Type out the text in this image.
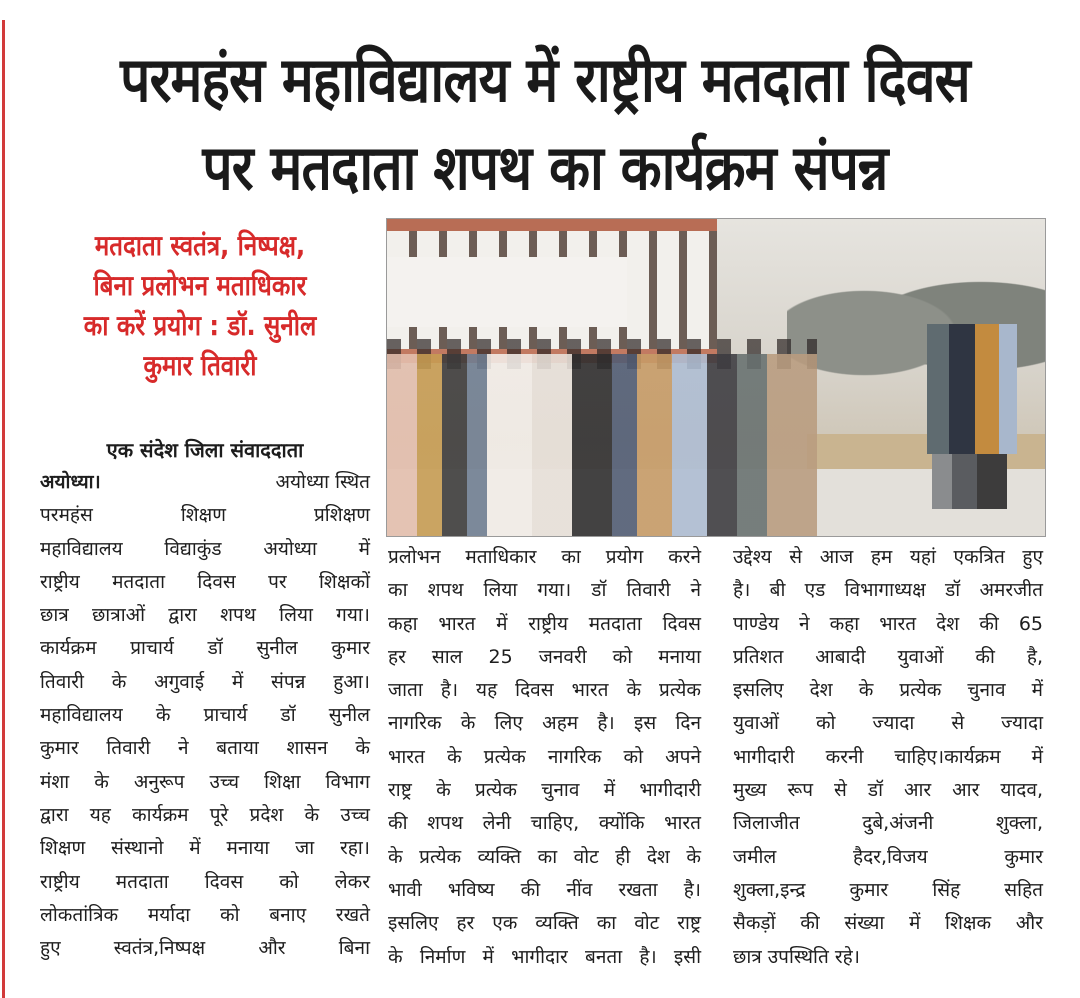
परमहंस महाविद्यालय में राष्ट्रीय मतदाता दिवस
पर मतदाता शपथ का कार्यक्रम संपन्न
मतदाता स्वतंत्र, निष्पक्ष,
बिना प्रलोभन मताधिकार
का करें प्रयोग : डॉ. सुनील
कुमार तिवारी
एक संदेश जिला संवाददाता

अयोध्या।	अयोध्या स्थित

परमहंस शिक्षण प्रशिक्षण

महाविद्यालय विद्याकुंड अयोध्या में

राष्ट्रीय मतदाता दिवस पर शिक्षकों

छात्र छात्राओं द्वारा शपथ लिया गया।

कार्यक्रम प्राचार्य डॉ सुनील कुमार

तिवारी के अगुवाई में संपन्न हुआ।

महाविद्यालय के प्राचार्य डॉ सुनील

कुमार तिवारी ने बताया शासन के

मंशा के अनुरूप उच्च शिक्षा विभाग

द्वारा यह कार्यक्रम पूरे प्रदेश के उच्च

शिक्षण संस्थानो में मनाया जा रहा।

राष्ट्रीय मतदाता दिवस को लेकर

लोकतांत्रिक मर्यादा को बनाए रखते

हुए स्वतंत्र,निष्पक्ष और बिना

प्रलोभन मताधिकार का प्रयोग करने

का शपथ लिया गया। डॉ तिवारी ने

कहा भारत में राष्ट्रीय मतदाता दिवस

हर साल 25 जनवरी को मनाया

जाता है। यह दिवस भारत के प्रत्येक

नागरिक के लिए अहम है। इस दिन

भारत के प्रत्येक नागरिक को अपने

राष्ट्र के प्रत्येक चुनाव में भागीदारी

की शपथ लेनी चाहिए, क्योंकि भारत

के प्रत्येक व्यक्ति का वोट ही देश के

भावी भविष्य की नींव रखता है।

इसलिए हर एक व्यक्ति का वोट राष्ट्र

के निर्माण में भागीदार बनता है। इसी

उद्देश्य से आज हम यहां एकत्रित हुए

है। बी एड विभागाध्यक्ष डॉ अमरजीत

पाण्डेय ने कहा भारत देश की 65

प्रतिशत आबादी युवाओं की है,

इसलिए देश के प्रत्येक चुनाव में

युवाओं को ज्यादा से ज्यादा

भागीदारी करनी चाहिए।कार्यक्रम में

मुख्य रूप से डॉ आर आर यादव,

जिलाजीत दुबे,अंजनी शुक्ला,

जमील हैदर,विजय कुमार

शुक्ला,इन्द्र कुमार सिंह सहित

सैकड़ों की संख्या में शिक्षक और

छात्र उपस्थिति रहे।
